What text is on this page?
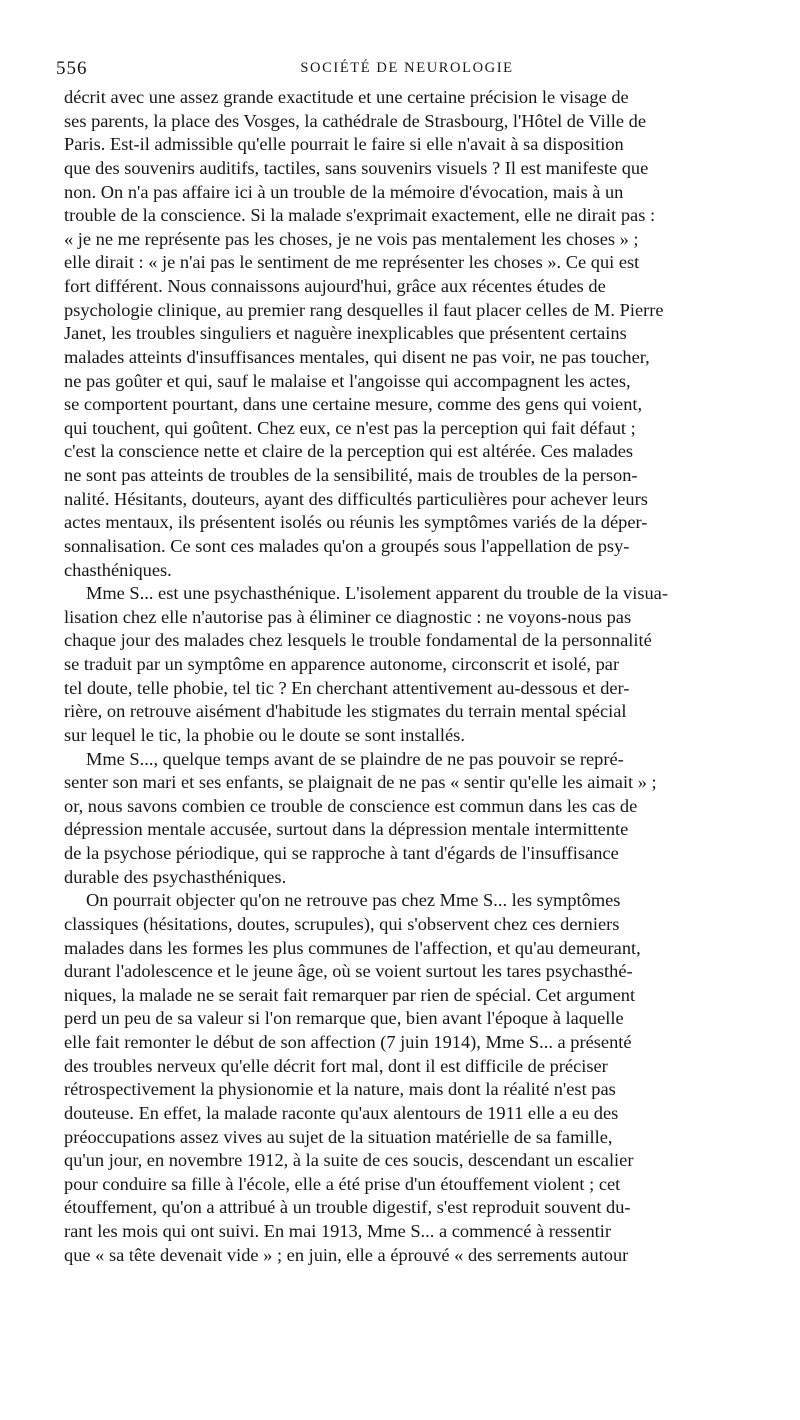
556	SOCIÉTÉ DE NEUROLOGIE
décrit avec une assez grande exactitude et une certaine précision le visage de
ses parents, la place des Vosges, la cathédrale de Strasbourg, l'Hôtel de Ville de
Paris. Est-il admissible qu'elle pourrait le faire si elle n'avait à sa disposition
que des souvenirs auditifs, tactiles, sans souvenirs visuels ? Il est manifeste que
non. On n'a pas affaire ici à un trouble de la mémoire d'évocation, mais à un
trouble de la conscience. Si la malade s'exprimait exactement, elle ne dirait pas :
« je ne me représente pas les choses, je ne vois pas mentalement les choses » ;
elle dirait : « je n'ai pas le sentiment de me représenter les choses ». Ce qui est
fort différent. Nous connaissons aujourd'hui, grâce aux récentes études de
psychologie clinique, au premier rang desquelles il faut placer celles de M. Pierre
Janet, les troubles singuliers et naguère inexplicables que présentent certains
malades atteints d'insuffisances mentales, qui disent ne pas voir, ne pas toucher,
ne pas goûter et qui, sauf le malaise et l'angoisse qui accompagnent les actes,
se comportent pourtant, dans une certaine mesure, comme des gens qui voient,
qui touchent, qui goûtent. Chez eux, ce n'est pas la perception qui fait défaut ;
c'est la conscience nette et claire de la perception qui est altérée. Ces malades
ne sont pas atteints de troubles de la sensibilité, mais de troubles de la person-
nalité. Hésitants, douteurs, ayant des difficultés particulières pour achever leurs
actes mentaux, ils présentent isolés ou réunis les symptômes variés de la déper-
sonnalisation. Ce sont ces malades qu'on a groupés sous l'appellation de psy-
chasthéniques.
Mme S... est une psychasthénique. L'isolement apparent du trouble de la visua-
lisation chez elle n'autorise pas à éliminer ce diagnostic : ne voyons-nous pas
chaque jour des malades chez lesquels le trouble fondamental de la personnalité
se traduit par un symptôme en apparence autonome, circonscrit et isolé, par
tel doute, telle phobie, tel tic ? En cherchant attentivement au-dessous et der-
rière, on retrouve aisément d'habitude les stigmates du terrain mental spécial
sur lequel le tic, la phobie ou le doute se sont installés.
Mme S..., quelque temps avant de se plaindre de ne pas pouvoir se repré-
senter son mari et ses enfants, se plaignait de ne pas « sentir qu'elle les aimait » ;
or, nous savons combien ce trouble de conscience est commun dans les cas de
dépression mentale accusée, surtout dans la dépression mentale intermittente
de la psychose périodique, qui se rapproche à tant d'égards de l'insuffisance
durable des psychasthéniques.
On pourrait objecter qu'on ne retrouve pas chez Mme S... les symptômes
classiques (hésitations, doutes, scrupules), qui s'observent chez ces derniers
malades dans les formes les plus communes de l'affection, et qu'au demeurant,
durant l'adolescence et le jeune âge, où se voient surtout les tares psychasthé-
niques, la malade ne se serait fait remarquer par rien de spécial. Cet argument
perd un peu de sa valeur si l'on remarque que, bien avant l'époque à laquelle
elle fait remonter le début de son affection (7 juin 1914), Mme S... a présenté
des troubles nerveux qu'elle décrit fort mal, dont il est difficile de préciser
rétrospectivement la physionomie et la nature, mais dont la réalité n'est pas
douteuse. En effet, la malade raconte qu'aux alentours de 1911 elle a eu des
préoccupations assez vives au sujet de la situation matérielle de sa famille,
qu'un jour, en novembre 1912, à la suite de ces soucis, descendant un escalier
pour conduire sa fille à l'école, elle a été prise d'un étouffement violent ; cet
étouffement, qu'on a attribué à un trouble digestif, s'est reproduit souvent du-
rant les mois qui ont suivi. En mai 1913, Mme S... a commencé à ressentir
que « sa tête devenait vide » ; en juin, elle a éprouvé « des serrements autour
